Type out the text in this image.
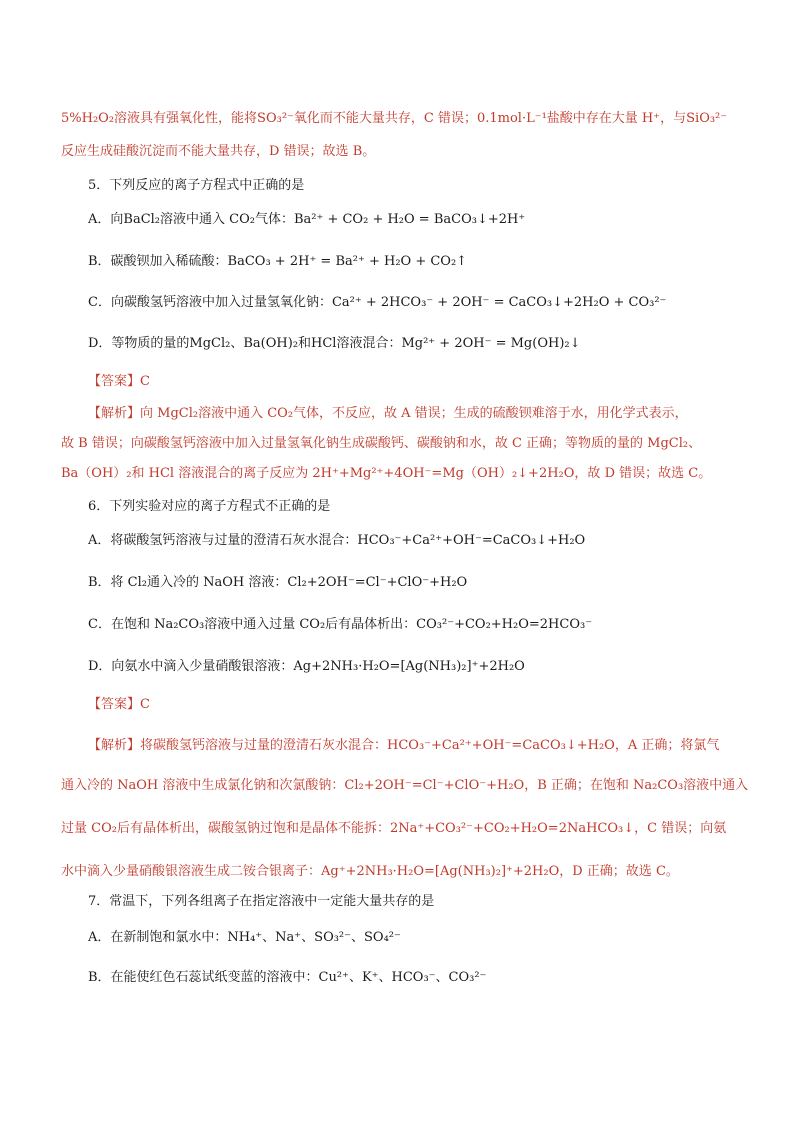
5%H₂O₂溶液具有强氧化性，能将SO₃²⁻氧化而不能大量共存，C 错误；0.1mol·L⁻¹盐酸中存在大量 H⁺，与SiO₃²⁻
反应生成硅酸沉淀而不能大量共存，D 错误；故选 B。
5．下列反应的离子方程式中正确的是
A．向BaCl₂溶液中通入 CO₂气体：Ba²⁺ + CO₂ + H₂O = BaCO₃↓+2H⁺
B．碳酸钡加入稀硫酸：BaCO₃ + 2H⁺ = Ba²⁺ + H₂O + CO₂↑
C．向碳酸氢钙溶液中加入过量氢氧化钠：Ca²⁺ + 2HCO₃⁻ + 2OH⁻ = CaCO₃↓+2H₂O + CO₃²⁻
D．等物质的量的MgCl₂、Ba(OH)₂和HCl溶液混合：Mg²⁺ + 2OH⁻ = Mg(OH)₂↓
【答案】C
【解析】向 MgCl₂溶液中通入 CO₂气体，不反应，故 A 错误；生成的硫酸钡难溶于水，用化学式表示，
故 B 错误；向碳酸氢钙溶液中加入过量氢氧化钠生成碳酸钙、碳酸钠和水，故 C 正确；等物质的量的 MgCl₂、
Ba（OH）₂和 HCl 溶液混合的离子反应为 2H⁺+Mg²⁺+4OH⁻=Mg（OH）₂↓+2H₂O，故 D 错误；故选 C。
6．下列实验对应的离子方程式不正确的是
A．将碳酸氢钙溶液与过量的澄清石灰水混合：HCO₃⁻+Ca²⁺+OH⁻=CaCO₃↓+H₂O
B．将 Cl₂通入冷的 NaOH 溶液：Cl₂+2OH⁻=Cl⁻+ClO⁻+H₂O
C．在饱和 Na₂CO₃溶液中通入过量 CO₂后有晶体析出：CO₃²⁻+CO₂+H₂O=2HCO₃⁻
D．向氨水中滴入少量硝酸银溶液：Ag+2NH₃·H₂O=[Ag(NH₃)₂]⁺+2H₂O
【答案】C
【解析】将碳酸氢钙溶液与过量的澄清石灰水混合：HCO₃⁻+Ca²⁺+OH⁻=CaCO₃↓+H₂O，A 正确；将氯气
通入冷的 NaOH 溶液中生成氯化钠和次氯酸钠：Cl₂+2OH⁻=Cl⁻+ClO⁻+H₂O，B 正确；在饱和 Na₂CO₃溶液中通入
过量 CO₂后有晶体析出，碳酸氢钠过饱和是晶体不能拆：2Na⁺+CO₃²⁻+CO₂+H₂O=2NaHCO₃↓，C 错误；向氨
水中滴入少量硝酸银溶液生成二铵合银离子：Ag⁺+2NH₃·H₂O=[Ag(NH₃)₂]⁺+2H₂O，D 正确；故选 C。
7．常温下，下列各组离子在指定溶液中一定能大量共存的是
A．在新制饱和氯水中：NH₄⁺、Na⁺、SO₃²⁻、SO₄²⁻
B．在能使红色石蕊试纸变蓝的溶液中：Cu²⁺、K⁺、HCO₃⁻、CO₃²⁻
